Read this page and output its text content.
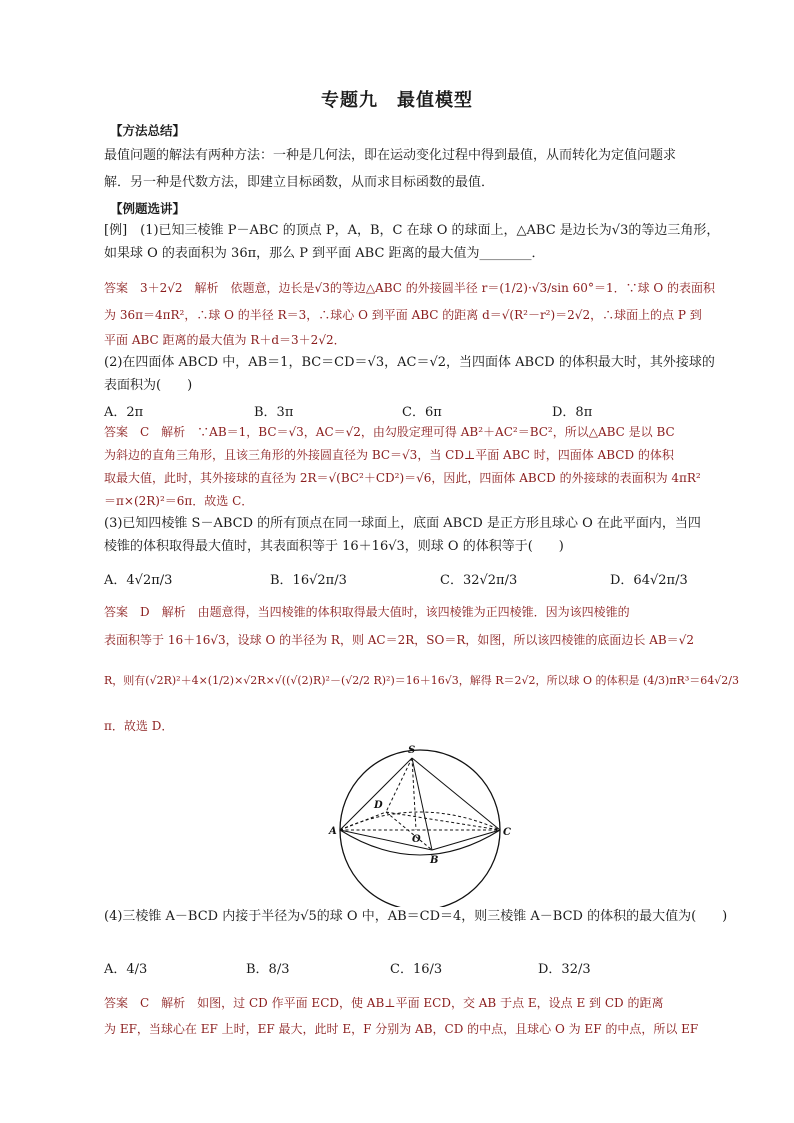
专题九　最值模型
【方法总结】
最值问题的解法有两种方法：一种是几何法，即在运动变化过程中得到最值，从而转化为定值问题求
解．另一种是代数方法，即建立目标函数，从而求目标函数的最值．
【例题选讲】
[例]　(1)已知三棱锥 P－ABC 的顶点 P，A，B，C 在球 O 的球面上，△ABC 是边长为√3的等边三角形，
如果球 O 的表面积为 36π，那么 P 到平面 ABC 距离的最大值为________．
答案　3＋2√2　解析　依题意，边长是√3的等边△ABC 的外接圆半径 r＝(1/2)·√3/sin 60°＝1．∵球 O 的表面积
为 36π＝4πR²，∴球 O 的半径 R＝3，∴球心 O 到平面 ABC 的距离 d＝√(R²－r²)＝2√2，∴球面上的点 P 到
平面 ABC 距离的最大值为 R＋d＝3＋2√2．
(2)在四面体 ABCD 中，AB＝1，BC＝CD＝√3，AC＝√2，当四面体 ABCD 的体积最大时，其外接球的
表面积为(　　)
A．2π	B．3π	C．6π	D．8π
答案　C　解析　∵AB＝1，BC＝√3，AC＝√2，由勾股定理可得 AB²＋AC²＝BC²，所以△ABC 是以 BC
为斜边的直角三角形，且该三角形的外接圆直径为 BC＝√3，当 CD⊥平面 ABC 时，四面体 ABCD 的体积
取最大值，此时，其外接球的直径为 2R＝√(BC²＋CD²)＝√6，因此，四面体 ABCD 的外接球的表面积为 4πR²
＝π×(2R)²＝6π．故选 C．
(3)已知四棱锥 S－ABCD 的所有顶点在同一球面上，底面 ABCD 是正方形且球心 O 在此平面内，当四
棱锥的体积取得最大值时，其表面积等于 16＋16√3，则球 O 的体积等于(　　)
A．4√2π/3	B．16√2π/3	C．32√2π/3	D．64√2π/3
答案　D　解析　由题意得，当四棱锥的体积取得最大值时，该四棱锥为正四棱锥．因为该四棱锥的
表面积等于 16＋16√3，设球 O 的半径为 R，则 AC＝2R，SO＝R，如图，所以该四棱锥的底面边长 AB＝√2
R，则有(√2R)²＋4×(1/2)×√2R×√((√(2)R)²－(√2/2 R)²)＝16＋16√3，解得 R＝2√2，所以球 O 的体积是 (4/3)πR³＝64√2/3
π．故选 D．
S
D
A
O
C
B
(4)三棱锥 A－BCD 内接于半径为√5的球 O 中，AB＝CD＝4，则三棱锥 A－BCD 的体积的最大值为(　　)
A．4/3	B．8/3	C．16/3	D．32/3
答案　C　解析　如图，过 CD 作平面 ECD，使 AB⊥平面 ECD，交 AB 于点 E，设点 E 到 CD 的距离
为 EF，当球心在 EF 上时，EF 最大，此时 E，F 分别为 AB，CD 的中点，且球心 O 为 EF 的中点，所以 EF
